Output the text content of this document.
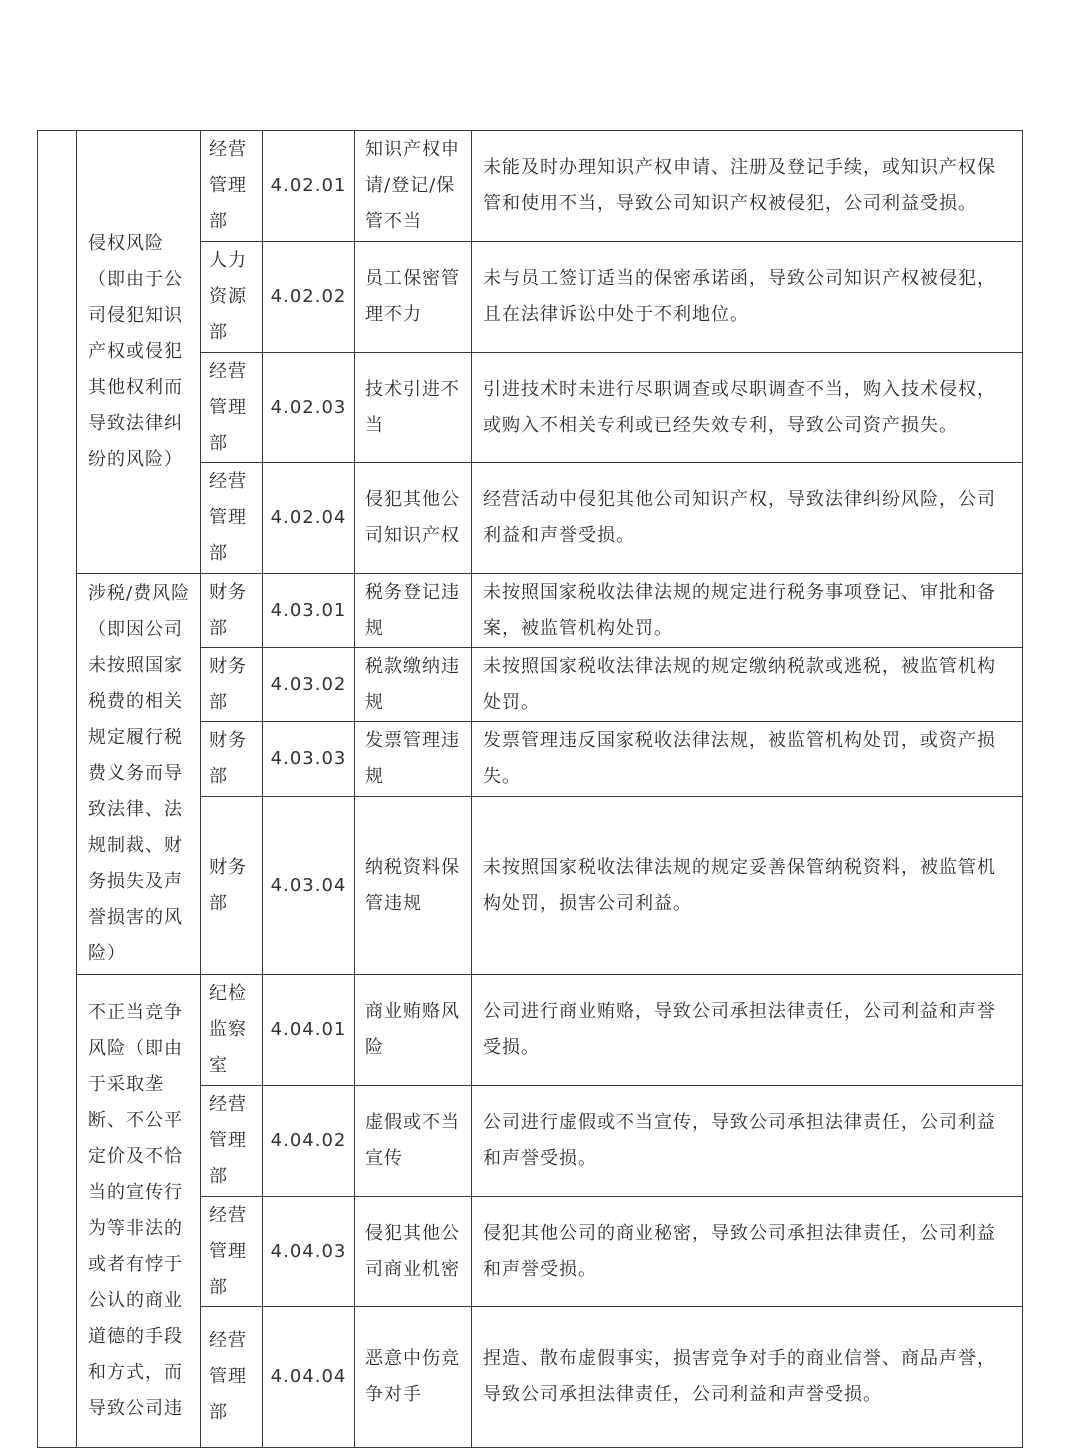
	侵权风险（即由于公司侵犯知识产权或侵犯其他权利而导致法律纠纷的风险）	经营管理部	4.02.01	知识产权申请/登记/保管不当	未能及时办理知识产权申请、注册及登记手续，或知识产权保管和使用不当，导致公司知识产权被侵犯，公司利益受损。
		人力资源部	4.02.02	员工保密管理不力	未与员工签订适当的保密承诺函，导致公司知识产权被侵犯，且在法律诉讼中处于不利地位。
		经营管理部	4.02.03	技术引进不当	引进技术时未进行尽职调查或尽职调查不当，购入技术侵权，或购入不相关专利或已经失效专利，导致公司资产损失。
		经营管理部	4.02.04	侵犯其他公司知识产权	经营活动中侵犯其他公司知识产权，导致法律纠纷风险，公司利益和声誉受损。
	涉税/费风险（即因公司未按照国家税费的相关规定履行税费义务而导致法律、法规制裁、财务损失及声誉损害的风险）	财务部	4.03.01	税务登记违规	未按照国家税收法律法规的规定进行税务事项登记、审批和备案，被监管机构处罚。
		财务部	4.03.02	税款缴纳违规	未按照国家税收法律法规的规定缴纳税款或逃税，被监管机构处罚。
		财务部	4.03.03	发票管理违规	发票管理违反国家税收法律法规，被监管机构处罚，或资产损失。
		财务部	4.03.04	纳税资料保管违规	未按照国家税收法律法规的规定妥善保管纳税资料，被监管机构处罚，损害公司利益。
	不正当竞争风险（即由于采取垄断、不公平定价及不恰当的宣传行为等非法的或者有悖于公认的商业道德的手段和方式，而导致公司违	纪检监察室	4.04.01	商业贿赂风险	公司进行商业贿赂，导致公司承担法律责任，公司利益和声誉受损。
		经营管理部	4.04.02	虚假或不当宣传	公司进行虚假或不当宣传，导致公司承担法律责任，公司利益和声誉受损。
		经营管理部	4.04.03	侵犯其他公司商业机密	侵犯其他公司的商业秘密，导致公司承担法律责任，公司利益和声誉受损。
		经营管理部	4.04.04	恶意中伤竞争对手	捏造、散布虚假事实，损害竞争对手的商业信誉、商品声誉，导致公司承担法律责任，公司利益和声誉受损。
